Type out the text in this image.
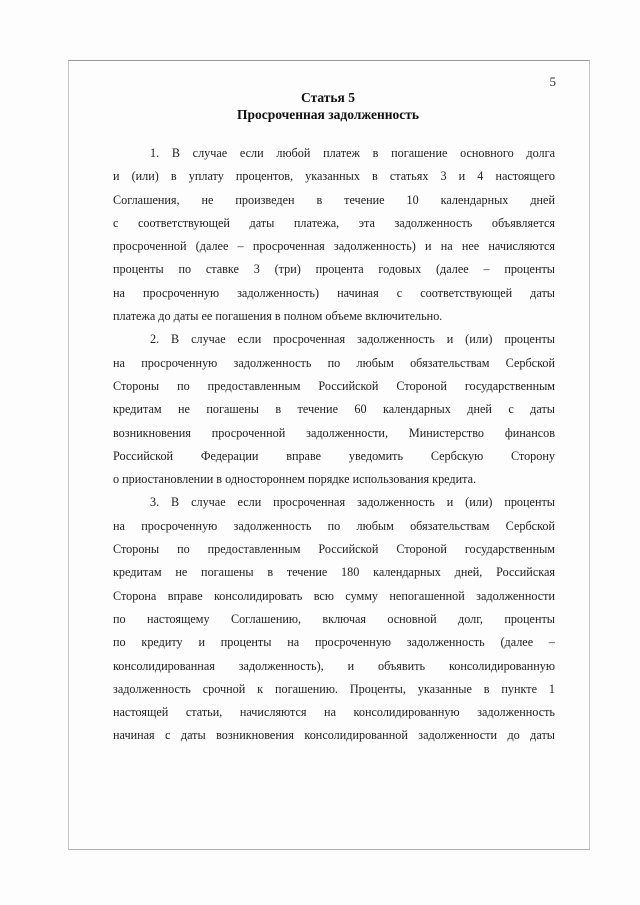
5
Статья 5
Просроченная задолженность
1. В случае если любой платеж в погашение основного долга
и (или) в уплату процентов, указанных в статьях 3 и 4 настоящего
Соглашения, не произведен в течение 10 календарных дней
с соответствующей даты платежа, эта задолженность объявляется
просроченной (далее – просроченная задолженность) и на нее начисляются
проценты по ставке 3 (три) процента годовых (далее – проценты
на просроченную задолженность) начиная с соответствующей даты
платежа до даты ее погашения в полном объеме включительно.
2. В случае если просроченная задолженность и (или) проценты
на просроченную задолженность по любым обязательствам Сербской
Стороны по предоставленным Российской Стороной государственным
кредитам не погашены в течение 60 календарных дней с даты
возникновения просроченной задолженности, Министерство финансов
Российской Федерации вправе уведомить Сербскую Сторону
о приостановлении в одностороннем порядке использования кредита.
3. В случае если просроченная задолженность и (или) проценты
на просроченную задолженность по любым обязательствам Сербской
Стороны по предоставленным Российской Стороной государственным
кредитам не погашены в течение 180 календарных дней, Российская
Сторона вправе консолидировать всю сумму непогашенной задолженности
по настоящему Соглашению, включая основной долг, проценты
по кредиту и проценты на просроченную задолженность (далее –
консолидированная задолженность), и объявить консолидированную
задолженность срочной к погашению. Проценты, указанные в пункте 1
настоящей статьи, начисляются на консолидированную задолженность
начиная с даты возникновения консолидированной задолженности до даты
